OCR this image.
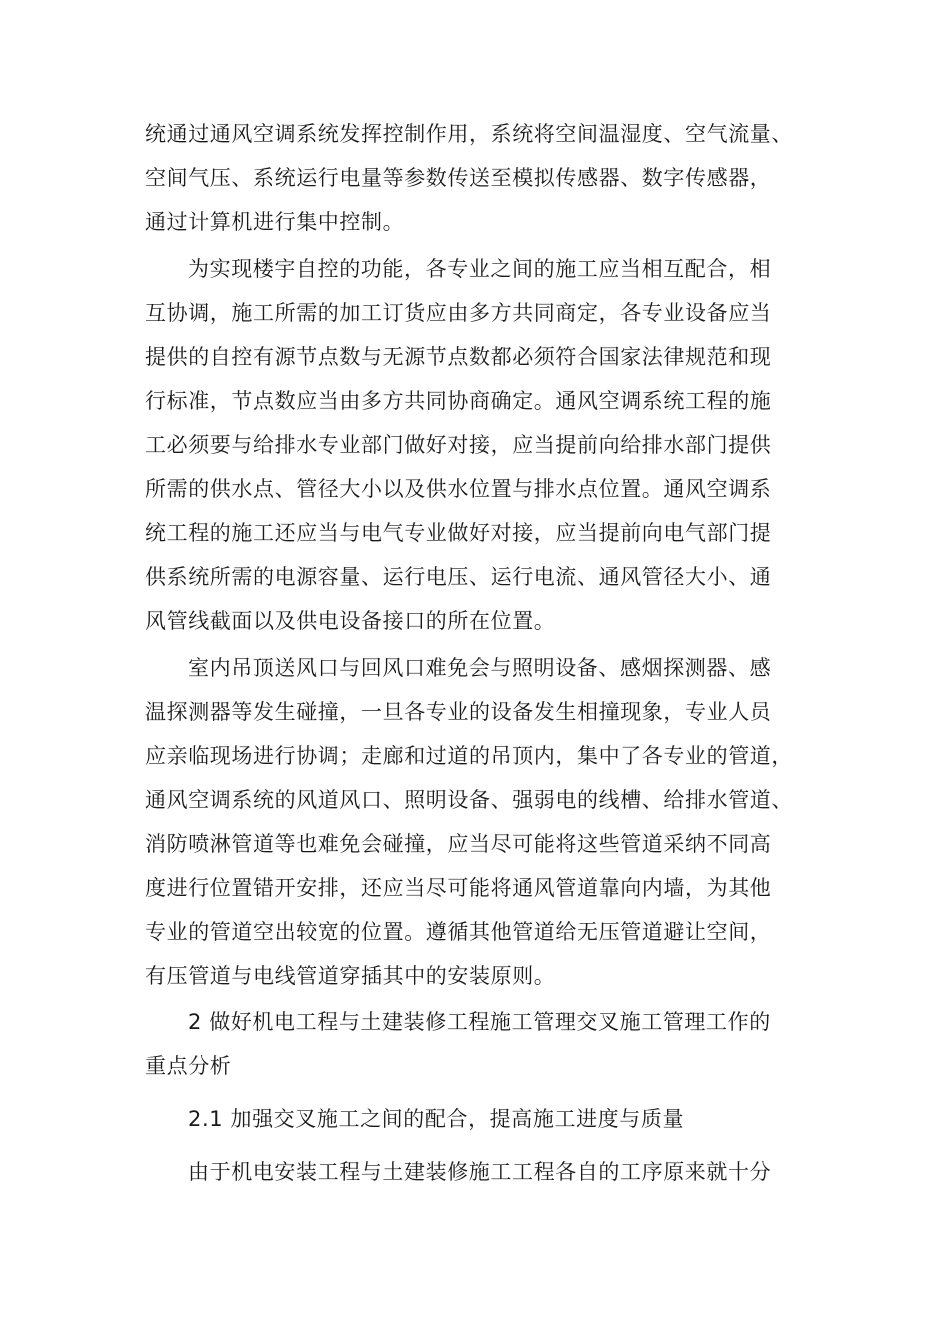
统通过通风空调系统发挥控制作用，系统将空间温湿度、空气流量、
空间气压、系统运行电量等参数传送至模拟传感器、数字传感器，
通过计算机进行集中控制。
为实现楼宇自控的功能，各专业之间的施工应当相互配合，相
互协调，施工所需的加工订货应由多方共同商定，各专业设备应当
提供的自控有源节点数与无源节点数都必须符合国家法律规范和现
行标准，节点数应当由多方共同协商确定。通风空调系统工程的施
工必须要与给排水专业部门做好对接，应当提前向给排水部门提供
所需的供水点、管径大小以及供水位置与排水点位置。通风空调系
统工程的施工还应当与电气专业做好对接，应当提前向电气部门提
供系统所需的电源容量、运行电压、运行电流、通风管径大小、通
风管线截面以及供电设备接口的所在位置。
室内吊顶送风口与回风口难免会与照明设备、感烟探测器、感
温探测器等发生碰撞，一旦各专业的设备发生相撞现象，专业人员
应亲临现场进行协调；走廊和过道的吊顶内，集中了各专业的管道，
通风空调系统的风道风口、照明设备、强弱电的线槽、给排水管道、
消防喷淋管道等也难免会碰撞，应当尽可能将这些管道采纳不同高
度进行位置错开安排，还应当尽可能将通风管道靠向内墙，为其他
专业的管道空出较宽的位置。遵循其他管道给无压管道避让空间，
有压管道与电线管道穿插其中的安装原则。
2 做好机电工程与土建装修工程施工管理交叉施工管理工作的
重点分析
2.1 加强交叉施工之间的配合，提高施工进度与质量
由于机电安装工程与土建装修施工工程各自的工序原来就十分
